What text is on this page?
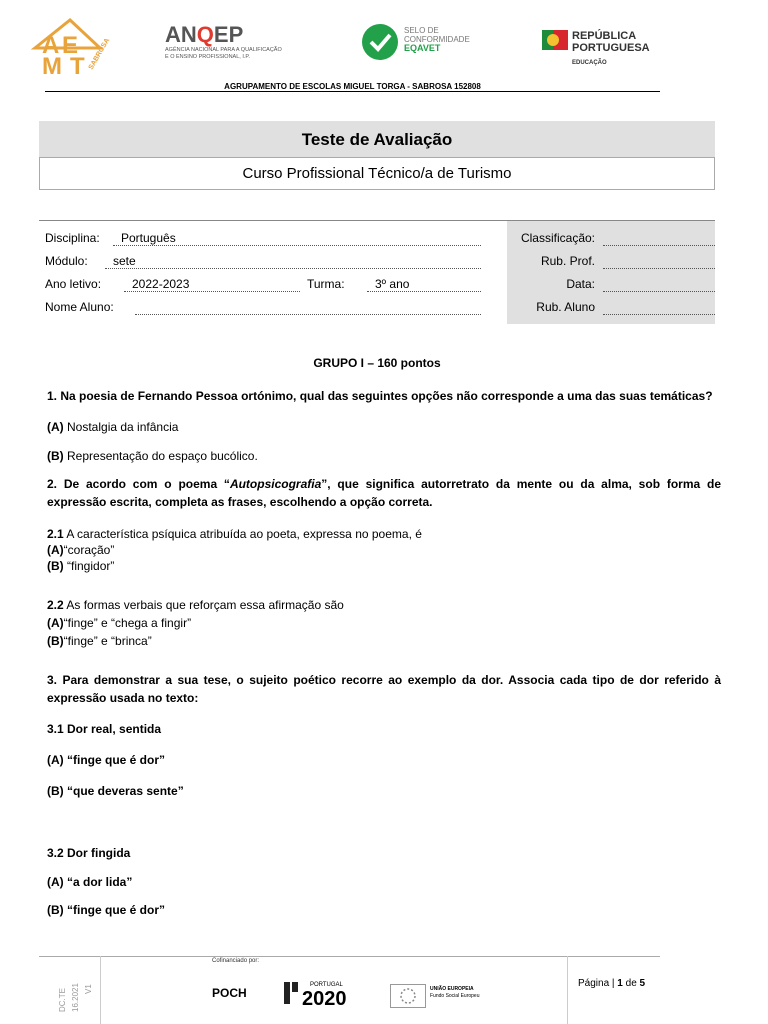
A E
M T SABROSA
ANQEP
AGÊNCIA NACIONAL PARA A QUALIFICAÇÃO E O ENSINO PROFISSIONAL, I.P.
SELO DE
CONFORMIDADE
EQAVET
REPÚBLICA
PORTUGUESA
EDUCAÇÃO
AGRUPAMENTO DE ESCOLAS MIGUEL TORGA - SABROSA 152808
Teste de Avaliação
Curso Profissional Técnico/a de Turismo
Disciplina:	Português
Módulo:	sete
Ano letivo:	2022-2023	Turma:	3º ano
Nome Aluno:
Classificação:
Rub. Prof.
Data:
Rub. Aluno
GRUPO I – 160 pontos
1. Na poesia de Fernando Pessoa ortónimo, qual das seguintes opções não corresponde a uma das suas temáticas?
(A) Nostalgia da infância
(B) Representação do espaço bucólico.
2. De acordo com o poema “Autopsicografia”, que significa autorretrato da mente ou da alma, sob forma de expressão escrita, completa as frases, escolhendo a opção correta.
2.1 A característica psíquica atribuída ao poeta, expressa no poema, é
(A)“coração”
(B) “fingidor”
2.2 As formas verbais que reforçam essa afirmação são
(A)“finge” e “chega a fingir”
(B)“finge” e “brinca”
3. Para demonstrar a sua tese, o sujeito poético recorre ao exemplo da dor. Associa cada tipo de dor referido à expressão usada no texto:
3.1 Dor real, sentida
(A) “finge que é dor”
(B) “que deveras sente”
3.2 Dor fingida
(A) “a dor lida”
(B) “finge que é dor”
DC.TE 16.2021 V1
Cofinanciado por:
POCH
PORTUGAL
2020	UNIÃO EUROPEIA
Fundo Social Europeu
Página | 1 de 5
